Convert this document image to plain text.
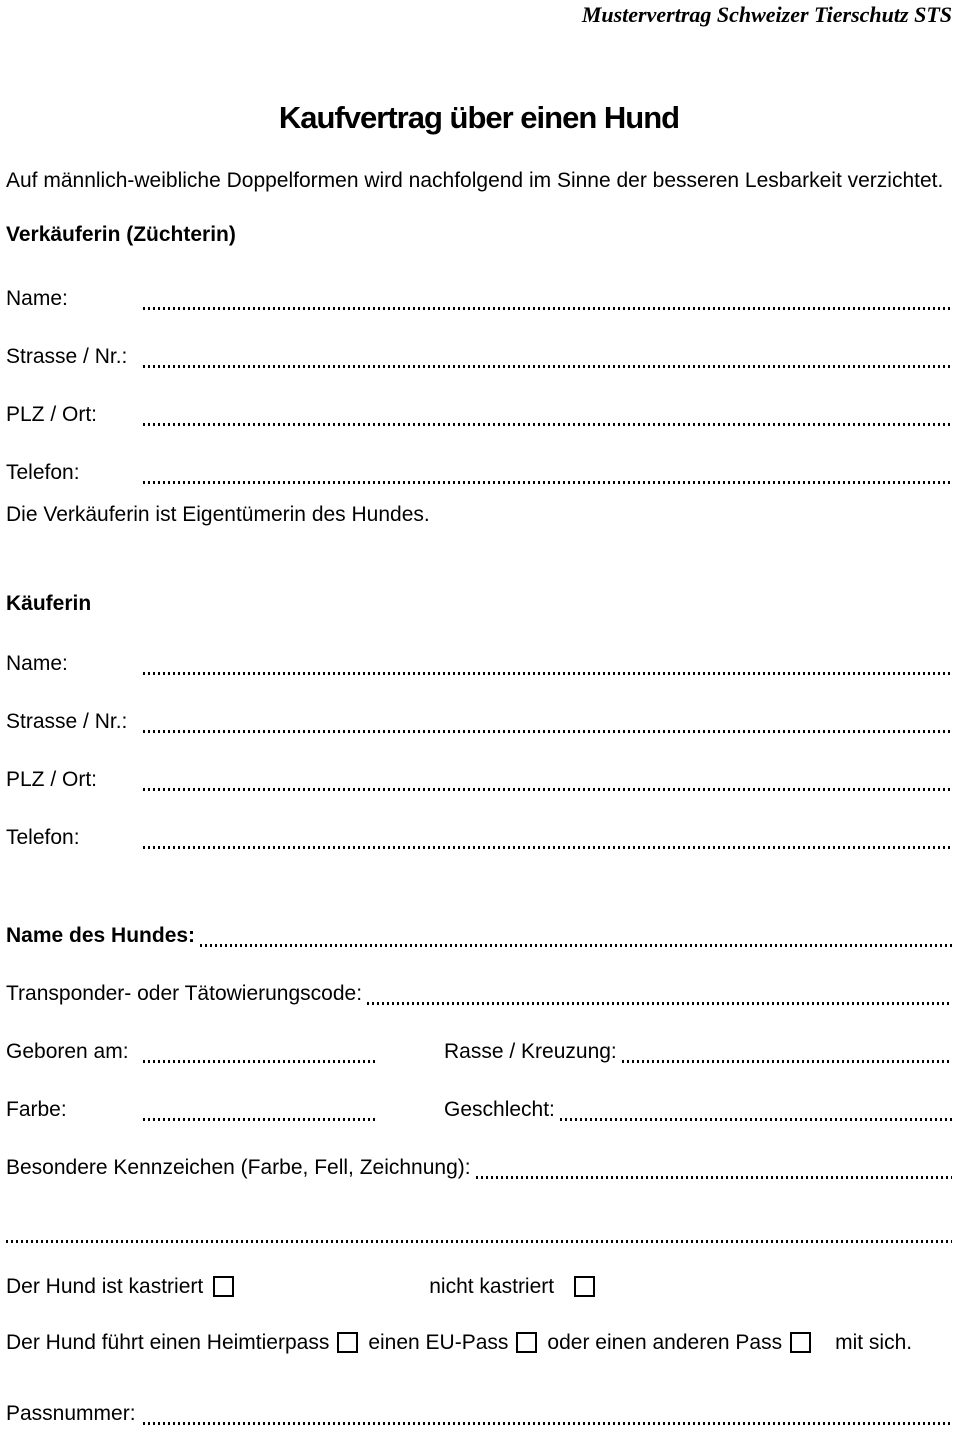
Mustervertrag Schweizer Tierschutz STS
Kaufvertrag über einen Hund
Auf männlich-weibliche Doppelformen wird nachfolgend im Sinne der besseren Lesbarkeit verzichtet.
Verkäuferin (Züchterin)
Name:
Strasse / Nr.:
PLZ / Ort:
Telefon:
Die Verkäuferin ist Eigentümerin des Hundes.
Käuferin
Name:
Strasse / Nr.:
PLZ / Ort:
Telefon:
Name des Hundes:
Transponder- oder Tätowierungscode:
Geboren am:	Rasse / Kreuzung:
Farbe:	Geschlecht:
Besondere Kennzeichen (Farbe, Fell, Zeichnung):
Der Hund ist kastriert	nicht kastriert
Der Hund führt einen Heimtierpass einen EU-Pass oder einen anderen Pass	mit sich.
Passnummer:
